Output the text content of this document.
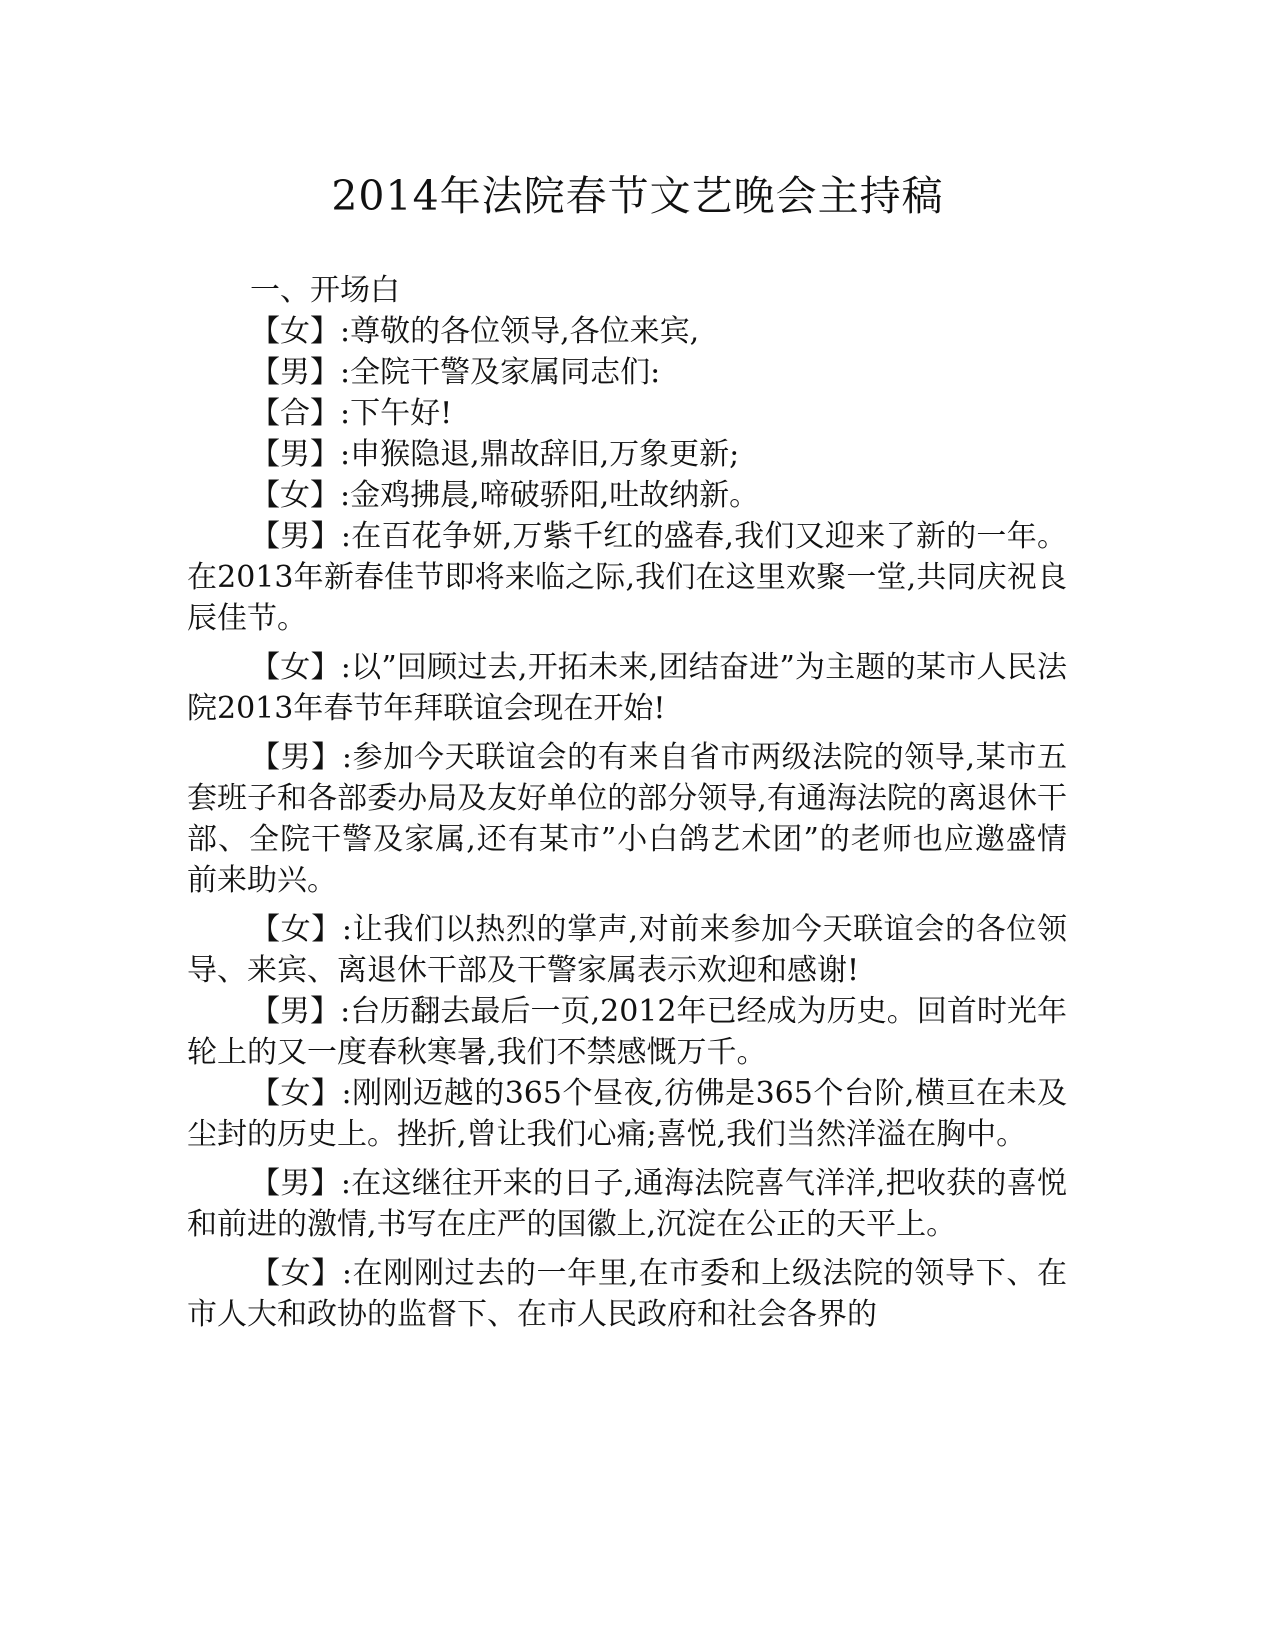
2014年法院春节文艺晚会主持稿

一、开场白

【女】:尊敬的各位领导,各位来宾,

【男】:全院干警及家属同志们:

【合】:下午好!

【男】:申猴隐退,鼎故辞旧,万象更新;

【女】:金鸡拂晨,啼破骄阳,吐故纳新。

【男】:在百花争妍,万紫千红的盛春,我们又迎来了新的一年。在2013年新春佳节即将来临之际,我们在这里欢聚一堂,共同庆祝良辰佳节。

【女】:以”回顾过去,开拓未来,团结奋进”为主题的某市人民法院2013年春节年拜联谊会现在开始!

【男】:参加今天联谊会的有来自省市两级法院的领导,某市五套班子和各部委办局及友好单位的部分领导,有通海法院的离退休干部、全院干警及家属,还有某市”小白鸽艺术团”的老师也应邀盛情前来助兴。

【女】:让我们以热烈的掌声,对前来参加今天联谊会的各位领导、来宾、离退休干部及干警家属表示欢迎和感谢!

【男】:台历翻去最后一页,2012年已经成为历史。回首时光年轮上的又一度春秋寒暑,我们不禁感慨万千。

【女】:刚刚迈越的365个昼夜,彷佛是365个台阶,横亘在未及尘封的历史上。挫折,曾让我们心痛;喜悦,我们当然洋溢在胸中。

【男】:在这继往开来的日子,通海法院喜气洋洋,把收获的喜悦和前进的激情,书写在庄严的国徽上,沉淀在公正的天平上。

【女】:在刚刚过去的一年里,在市委和上级法院的领导下、在市人大和政协的监督下、在市人民政府和社会各界的
